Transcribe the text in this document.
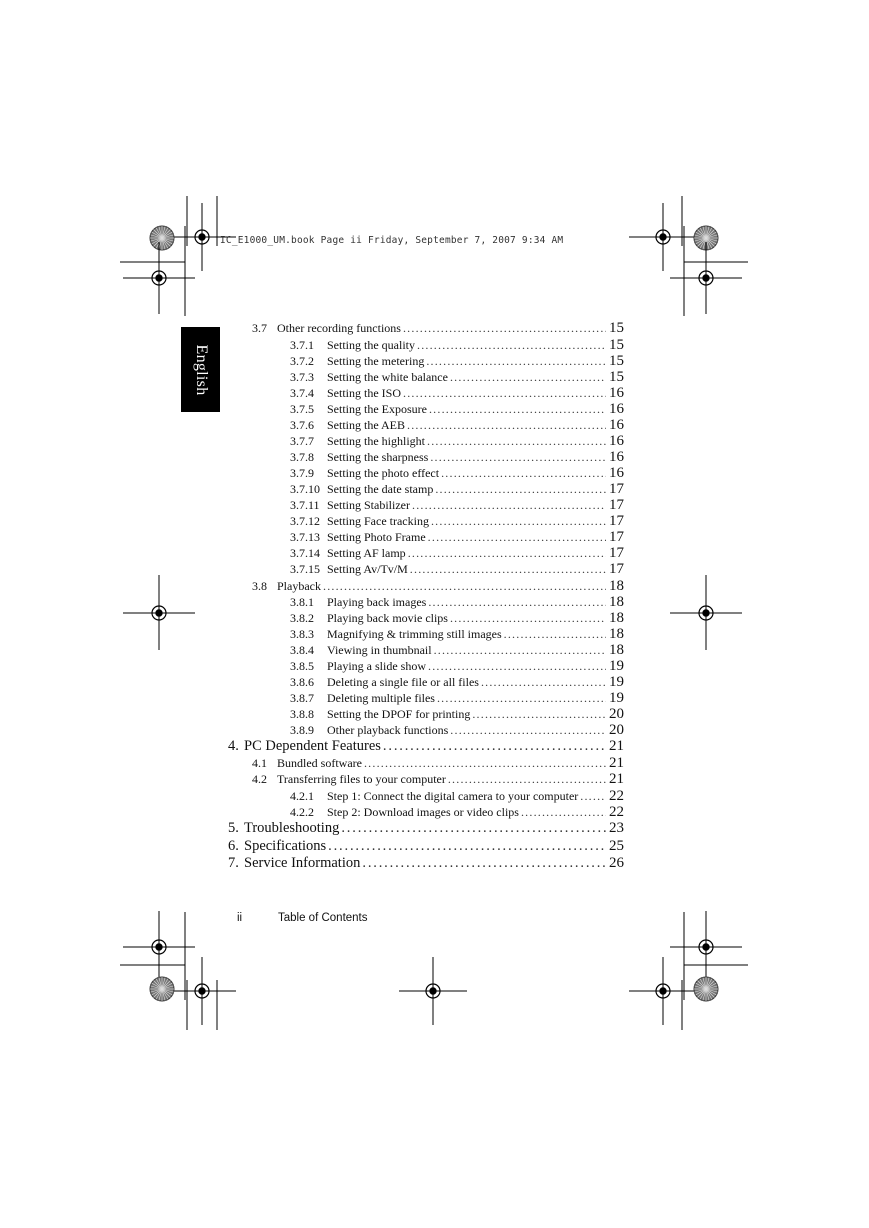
IC_E1000_UM.book Page ii Friday, September 7, 2007 9:34 AM
English
3.7 Other recording functions . . .	15
3.7.1	Setting the quality . . .	15
3.7.2	Setting the metering . . .	15
3.7.3	Setting the white balance . . .	15
3.7.4	Setting the ISO . . .	16
3.7.5	Setting the Exposure . . .	16
3.7.6	Setting the AEB . . .	16
3.7.7	Setting the highlight . . .	16
3.7.8	Setting the sharpness . . .	16
3.7.9	Setting the photo effect . . .	16
3.7.10 Setting the date stamp . . .	17
3.7.11 Setting Stabilizer . . .	17
3.7.12 Setting Face tracking . . .	17
3.7.13 Setting Photo Frame . . .	17
3.7.14 Setting AF lamp . . .	17
3.7.15 Setting Av/Tv/M . . .	17
3.8 Playback . . .	18
3.8.1	Playing back images . . .	18
3.8.2	Playing back movie clips . . .	18
3.8.3	Magnifying & trimming still images . . .	18
3.8.4	Viewing in thumbnail . . .	18
3.8.5	Playing a slide show . . .	19
3.8.6	Deleting a single file or all files . . .	19
3.8.7	Deleting multiple files . . .	19
3.8.8	Setting the DPOF for printing . . .	20
3.8.9	Other playback functions . . .	20
4. PC Dependent Features . . .	21
4.1 Bundled software . . .	21
4.2 Transferring files to your computer . . .	21
4.2.1	Step 1: Connect the digital camera to your computer . . . 22
4.2.2	Step 2: Download images or video clips . . .	22
5. Troubleshooting . . .	23
6. Specifications . . .	25
7. Service Information . . .	26
ii	Table of Contents
